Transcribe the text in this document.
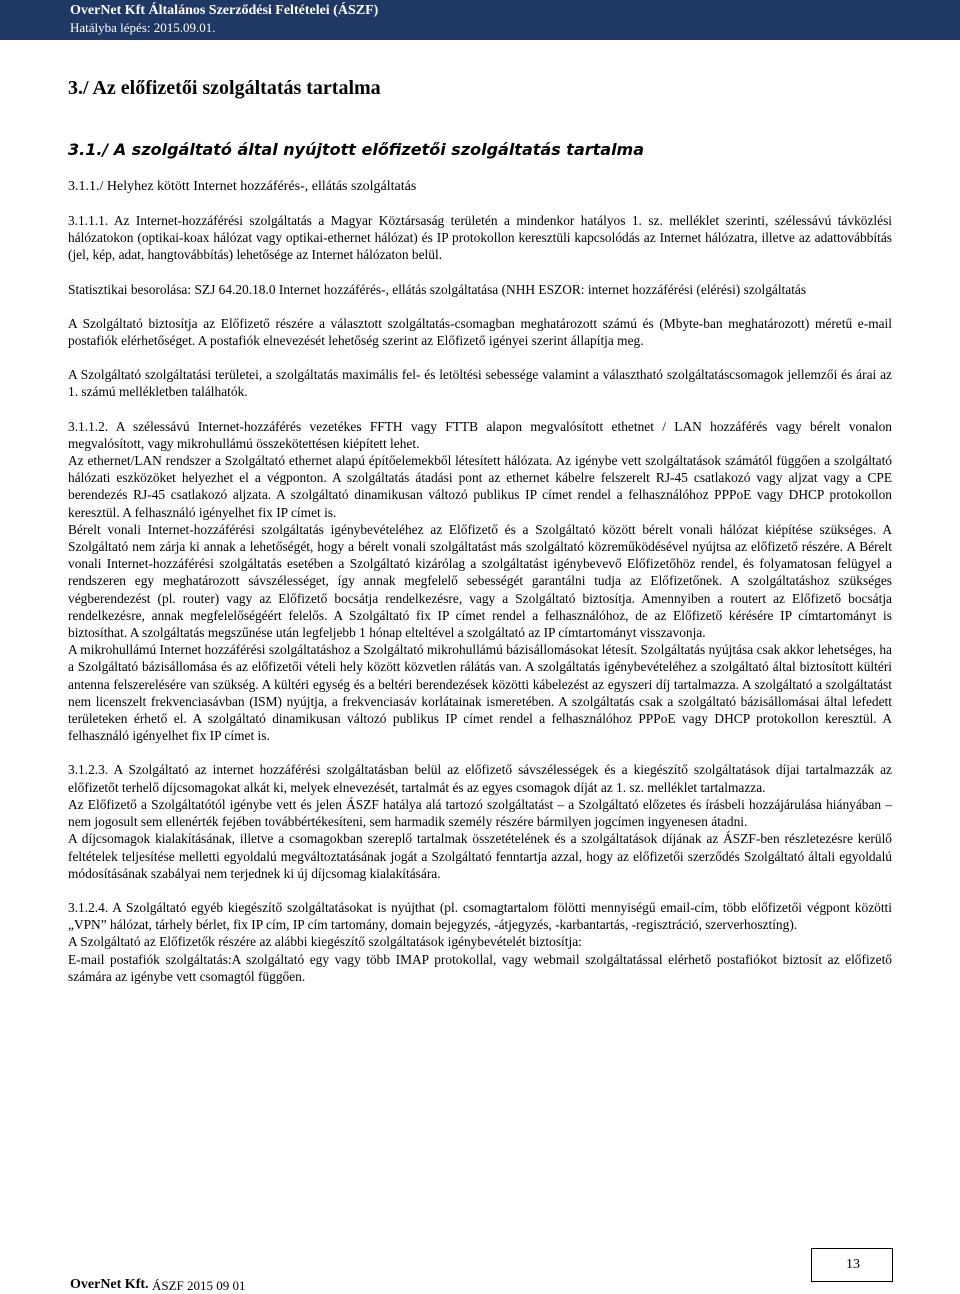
OverNet Kft Általános Szerződési Feltételei (ÁSZF)
Hatályba lépés: 2015.09.01.
3./ Az előfizetői szolgáltatás tartalma
3.1./ A szolgáltató által nyújtott előfizetői szolgáltatás tartalma
3.1.1./ Helyhez kötött Internet hozzáférés-, ellátás szolgáltatás

3.1.1.1. Az Internet-hozzáférési szolgáltatás a Magyar Köztársaság területén a mindenkor hatályos 1. sz. melléklet szerinti, szélessávú távközlési hálózatokon (optikai-koax hálózat vagy optikai-ethernet hálózat) és IP protokollon keresztüli kapcsolódás az Internet hálózatra, illetve az adattovábbítás (jel, kép, adat, hangtovábbítás) lehetősége az Internet hálózaton belül.

Statisztikai besorolása: SZJ 64.20.18.0 Internet hozzáférés-, ellátás szolgáltatása (NHH ESZOR: internet hozzáférési (elérési) szolgáltatás

A Szolgáltató biztosítja az Előfizető részére a választott szolgáltatás-csomagban meghatározott számú és (Mbyte-ban meghatározott) méretű e-mail postafiók elérhetőséget. A postafiók elnevezését lehetőség szerint az Előfizető igényei szerint állapítja meg.

A Szolgáltató szolgáltatási területei, a szolgáltatás maximális fel- és letöltési sebessége valamint a választható szolgáltatáscsomagok jellemzői és árai az 1. számú mellékletben találhatók.

3.1.1.2. A szélessávú Internet-hozzáférés vezetékes FFTH vagy FTTB alapon megvalósított ethetnet / LAN hozzáférés vagy bérelt vonalon megvalósított, vagy mikrohullámú összekötettésen kiépített lehet.

Az ethernet/LAN rendszer a Szolgáltató ethernet alapú építőelemekből létesített hálózata. Az igénybe vett szolgáltatások számától függően a szolgáltató hálózati eszközöket helyezhet el a végponton. A szolgáltatás átadási pont az ethernet kábelre felszerelt RJ-45 csatlakozó vagy aljzat vagy a CPE berendezés RJ-45 csatlakozó aljzata. A szolgáltató dinamikusan változó publikus IP címet rendel a felhasználóhoz PPPoE vagy DHCP protokollon keresztül. A felhasználó igényelhet fix IP címet is.

Bérelt vonali Internet-hozzáférési szolgáltatás igénybevételéhez az Előfizető és a Szolgáltató között bérelt vonali hálózat kiépítése szükséges. A Szolgáltató nem zárja ki annak a lehetőségét, hogy a bérelt vonali szolgáltatást más szolgáltató közreműködésével nyújtsa az előfizető részére. A Bérelt vonali Internet-hozzáférési szolgáltatás esetében a Szolgáltató kizárólag a szolgáltatást igénybevevő Előfizetőhöz rendel, és folyamatosan felügyel a rendszeren egy meghatározott sávszélességet, így annak megfelelő sebességét garantálni tudja az Előfizetőnek. A szolgáltatáshoz szükséges végberendezést (pl. router) vagy az Előfizető bocsátja rendelkezésre, vagy a Szolgáltató biztosítja. Amennyiben a routert az Előfizető bocsátja rendelkezésre, annak megfelelőségéért felelős. A Szolgáltató fix IP címet rendel a felhasználóhoz, de az Előfizető kérésére IP címtartományt is biztosíthat. A szolgáltatás megszűnése után legfeljebb 1 hónap elteltével a szolgáltató az IP címtartományt visszavonja.

A mikrohullámú Internet hozzáférési szolgáltatáshoz a Szolgáltató mikrohullámú bázisállomásokat létesít. Szolgáltatás nyújtása csak akkor lehetséges, ha a Szolgáltató bázisállomása és az előfizetői vételi hely között közvetlen rálátás van. A szolgáltatás igénybevételéhez a szolgáltató által biztosított kültéri antenna felszerelésére van szükség. A kültéri egység és a beltéri berendezések közötti kábelezést az egyszeri díj tartalmazza. A szolgáltató a szolgáltatást nem licenszelt frekvenciasávban (ISM) nyújtja, a frekvenciasáv korlátainak ismeretében. A szolgáltatás csak a szolgáltató bázisállomásai által lefedett területeken érhető el. A szolgáltató dinamikusan változó publikus IP címet rendel a felhasználóhoz PPPoE vagy DHCP protokollon keresztül. A felhasználó igényelhet fix IP címet is.

3.1.2.3. A Szolgáltató az internet hozzáférési szolgáltatásban belül az előfizető sávszélességek és a kiegészítő szolgáltatások díjai tartalmazzák az előfizetőt terhelő díjcsomagokat alkát ki, melyek elnevezését, tartalmát és az egyes csomagok díját az 1. sz. melléklet tartalmazza.

Az Előfizető a Szolgáltatótól igénybe vett és jelen ÁSZF hatálya alá tartozó szolgáltatást – a Szolgáltató előzetes és írásbeli hozzájárulása hiányában – nem jogosult sem ellenérték fejében továbbértékesíteni, sem harmadik személy részére bármilyen jogcímen ingyenesen átadni.

A díjcsomagok kialakításának, illetve a csomagokban szereplő tartalmak összetételének és a szolgáltatások díjának az ÁSZF-ben részletezésre kerülő feltételek teljesítése melletti egyoldalú megváltoztatásának jogát a Szolgáltató fenntartja azzal, hogy az előfizetői szerződés Szolgáltató általi egyoldalú módosításának szabályai nem terjednek ki új díjcsomag kialakítására.

3.1.2.4. A Szolgáltató egyéb kiegészítő szolgáltatásokat is nyújthat (pl. csomagtartalom fölötti mennyiségű email-cím, több előfizetői végpont közötti „VPN” hálózat, tárhely bérlet, fix IP cím, IP cím tartomány, domain bejegyzés, -átjegyzés, -karbantartás, -regisztráció, szerverhosztíng).

A Szolgáltató az Előfizetők részére az alábbi kiegészítő szolgáltatások igénybevételét biztosítja:

E-mail postafiók szolgáltatás:A szolgáltató egy vagy több IMAP protokollal, vagy webmail szolgáltatással elérhető postafiókot biztosít az előfizető számára az igénybe vett csomagtól függően.

13
OverNet Kft. ÁSZF 2015 09 01
